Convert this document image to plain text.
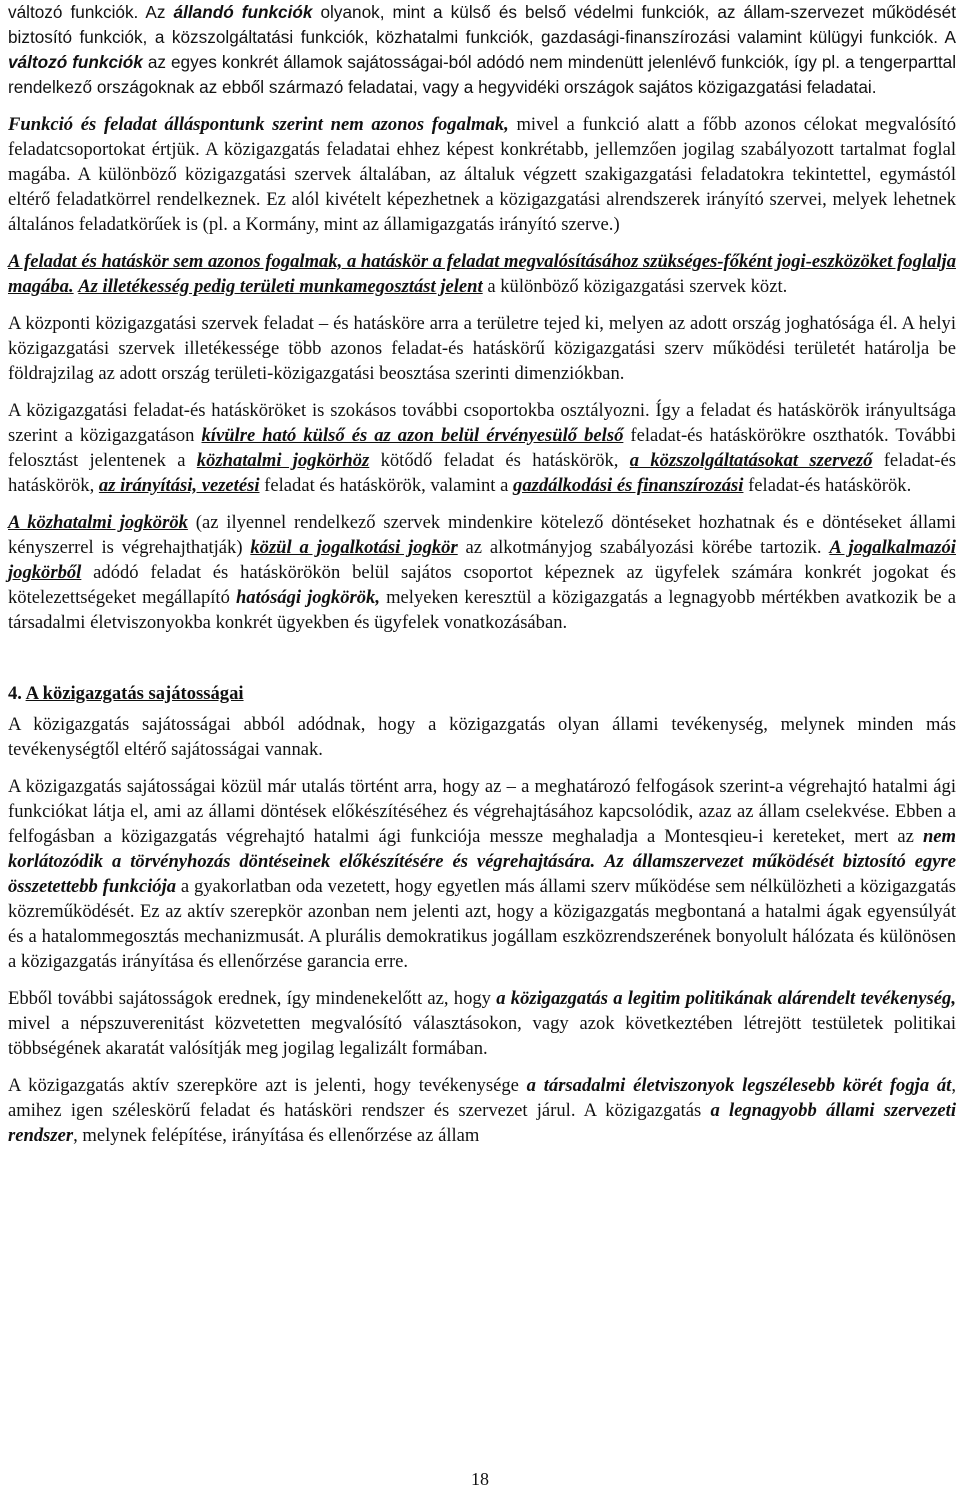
változó funkciók. Az állandó funkciók olyanok, mint a külső és belső védelmi funkciók, az állam-szervezet működését biztosító funkciók, a közszolgáltatási funkciók, közhatalmi funkciók, gazdasági-finanszírozási valamint külügyi funkciók. A változó funkciók az egyes konkrét államok sajátosságai-ból adódó nem mindenütt jelenlévő funkciók, így pl. a tengerparttal rendelkező országoknak az ebből származó feladatai, vagy a hegyvidéki országok sajátos közigazgatási feladatai.

Funkció és feladat álláspontunk szerint nem azonos fogalmak, mivel a funkció alatt a főbb azonos célokat megvalósító feladatcsoportokat értjük. A közigazgatás feladatai ehhez képest konkrétabb, jellemzően jogilag szabályozott tartalmat foglal magába. A különböző közigazgatási szervek általában, az általuk végzett szakigazgatási feladatokra tekintettel, egymástól eltérő feladatkörrel rendelkeznek. Ez alól kivételt képezhetnek a közigazgatási alrendszerek irányító szervei, melyek lehetnek általános feladatkörűek is (pl. a Kormány, mint az államigazgatás irányító szerve.)

A feladat és hatáskör sem azonos fogalmak, a hatáskör a feladat megvalósításához szükséges-főként jogi-eszközöket foglalja magába. Az illetékesség pedig területi munkamegosztást jelent a különböző közigazgatási szervek közt.

A központi közigazgatási szervek feladat – és hatásköre arra a területre tejed ki, melyen az adott ország joghatósága él. A helyi közigazgatási szervek illetékessége több azonos feladat-és hatáskörű közigazgatási szerv működési területét határolja be földrajzilag az adott ország területi-közigazgatási beosztása szerinti dimenziókban.

A közigazgatási feladat-és hatásköröket is szokásos további csoportokba osztályozni. Így a feladat és hatáskörök irányultsága szerint a közigazgatáson kívülre ható külső és az azon belül érvényesülő belső feladat-és hatáskörökre oszthatók. További felosztást jelentenek a közhatalmi jogkörhöz kötődő feladat és hatáskörök, a közszolgáltatásokat szervező feladat-és hatáskörök, az irányítási, vezetési feladat és hatáskörök, valamint a gazdálkodási és finanszírozási feladat-és hatáskörök.

A közhatalmi jogkörök (az ilyennel rendelkező szervek mindenkire kötelező döntéseket hozhatnak és e döntéseket állami kényszerrel is végrehajthatják) közül a jogalkotási jogkör az alkotmányjog szabályozási körébe tartozik. A jogalkalmazói jogkörből adódó feladat és hatáskörökön belül sajátos csoportot képeznek az ügyfelek számára konkrét jogokat és kötelezettségeket megállapító hatósági jogkörök, melyeken keresztül a közigazgatás a legnagyobb mértékben avatkozik be a társadalmi életviszonyokba konkrét ügyekben és ügyfelek vonatkozásában.

4. A közigazgatás sajátosságai

A közigazgatás sajátosságai abból adódnak, hogy a közigazgatás olyan állami tevékenység, melynek minden más tevékenységtől eltérő sajátosságai vannak.

A közigazgatás sajátosságai közül már utalás történt arra, hogy az – a meghatározó felfogások szerint-a végrehajtó hatalmi ági funkciókat látja el, ami az állami döntések előkészítéséhez és végrehajtásához kapcsolódik, azaz az állam cselekvése. Ebben a felfogásban a közigazgatás végrehajtó hatalmi ági funkciója messze meghaladja a Montesqieu-i kereteket, mert az nem korlátozódik a törvényhozás döntéseinek előkészítésére és végrehajtására. Az államszervezet működését biztosító egyre összetettebb funkciója a gyakorlatban oda vezetett, hogy egyetlen más állami szerv működése sem nélkülözheti a közigazgatás közreműködését. Ez az aktív szerepkör azonban nem jelenti azt, hogy a közigazgatás megbontaná a hatalmi ágak egyensúlyát és a hatalommegosztás mechanizmusát. A plurális demokratikus jogállam eszközrendszerének bonyolult hálózata és különösen a közigazgatás irányítása és ellenőrzése garancia erre.

Ebből további sajátosságok erednek, így mindenekelőtt az, hogy a közigazgatás a legitim politikának alárendelt tevékenység, mivel a népszuverenitást közvetetten megvalósító választásokon, vagy azok következtében létrejött testületek politikai többségének akaratát valósítják meg jogilag legalizált formában.

A közigazgatás aktív szerepköre azt is jelenti, hogy tevékenysége a társadalmi életviszonyok legszélesebb körét fogja át, amihez igen széleskörű feladat és hatásköri rendszer és szervezet járul. A közigazgatás a legnagyobb állami szervezeti rendszer, melynek felépítése, irányítása és ellenőrzése az állam

18
